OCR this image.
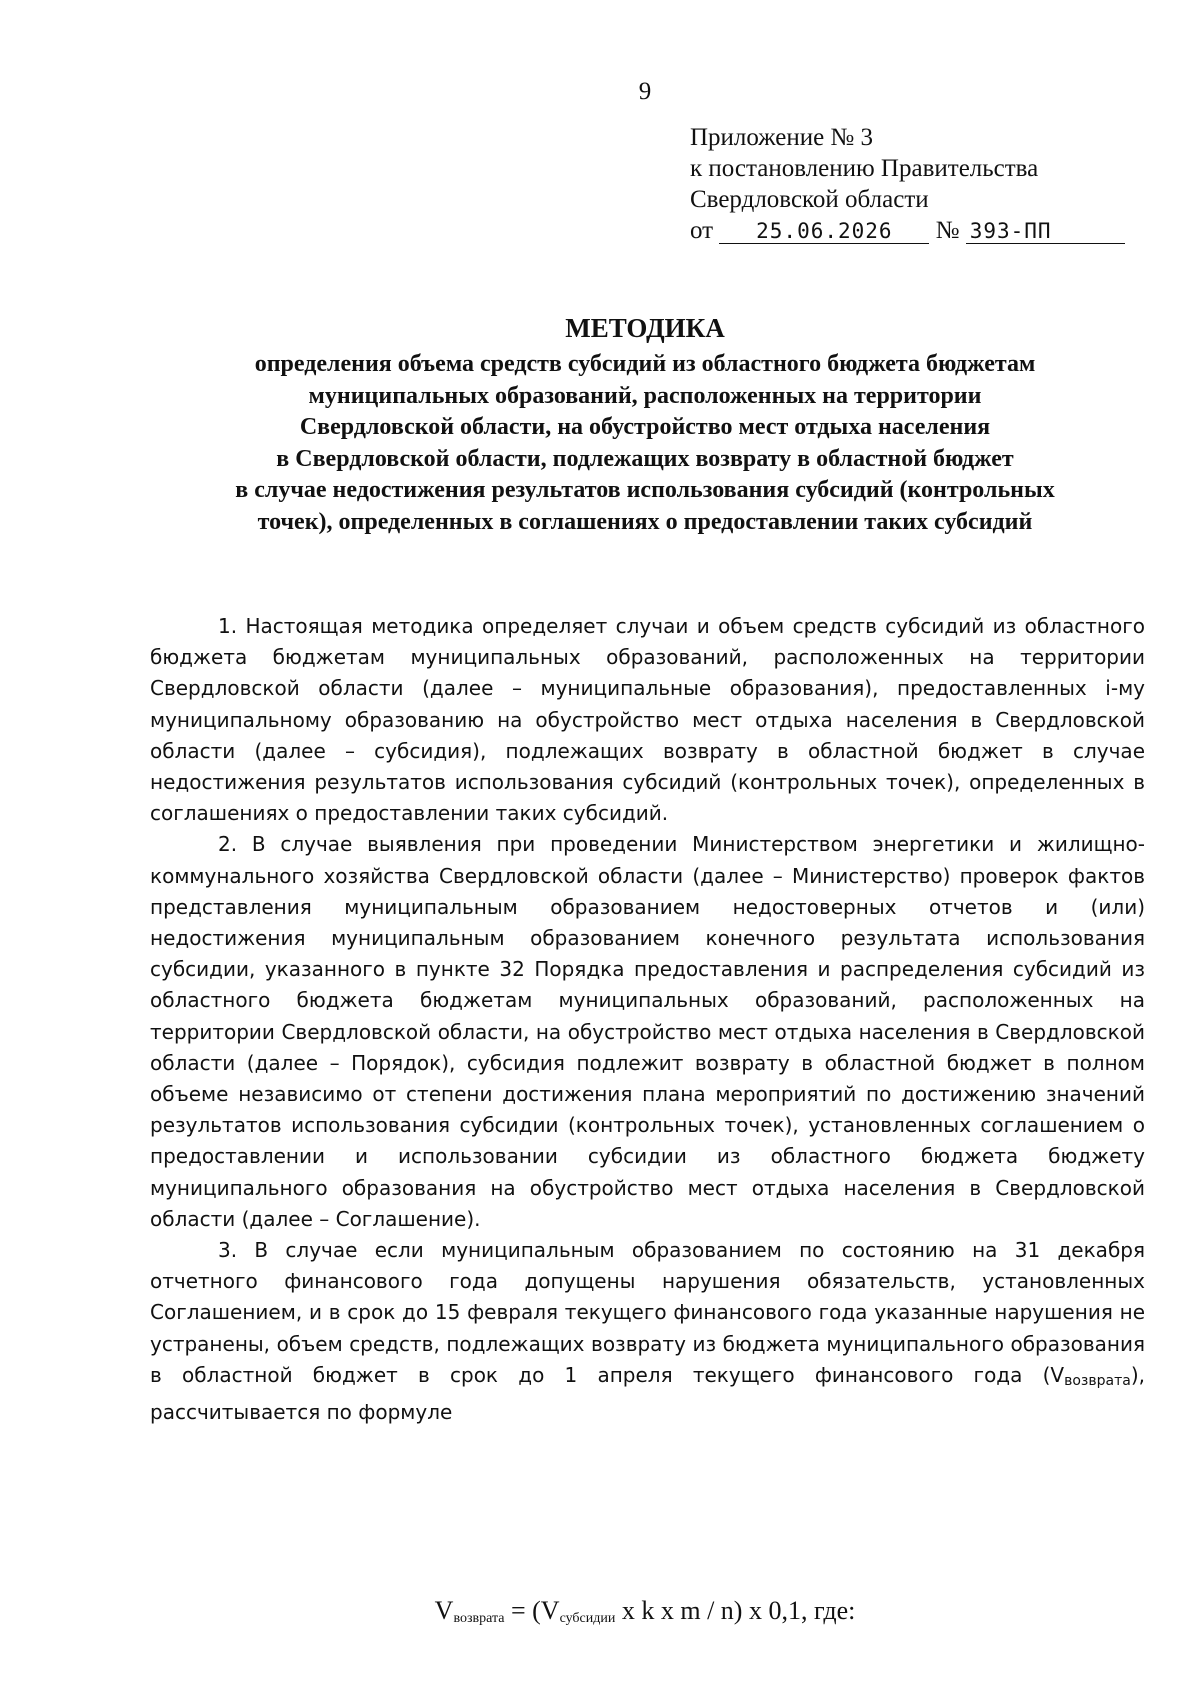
9
Приложение № 3
к постановлению Правительства
Свердловской области
от 25.06.2026 № 393-ПП
МЕТОДИКА
определения объема средств субсидий из областного бюджета бюджетам
муниципальных образований, расположенных на территории
Свердловской области, на обустройство мест отдыха населения
в Свердловской области, подлежащих возврату в областной бюджет
в случае недостижения результатов использования субсидий (контрольных
точек), определенных в соглашениях о предоставлении таких субсидий

1. Настоящая методика определяет случаи и объем средств субсидий из областного бюджета бюджетам муниципальных образований, расположенных на территории Свердловской области (далее – муниципальные образования), предоставленных i-му муниципальному образованию на обустройство мест отдыха населения в Свердловской области (далее – субсидия), подлежащих возврату в областной бюджет в случае недостижения результатов использования субсидий (контрольных точек), определенных в соглашениях о предоставлении таких субсидий.

2. В случае выявления при проведении Министерством энергетики и жилищно-коммунального хозяйства Свердловской области (далее – Министерство) проверок фактов представления муниципальным образованием недостоверных отчетов и (или) недостижения муниципальным образованием конечного результата использования субсидии, указанного в пункте 32 Порядка предоставления и распределения субсидий из областного бюджета бюджетам муниципальных образований, расположенных на территории Свердловской области, на обустройство мест отдыха населения в Свердловской области (далее – Порядок), субсидия подлежит возврату в областной бюджет в полном объеме независимо от степени достижения плана мероприятий по достижению значений результатов использования субсидии (контрольных точек), установленных соглашением о предоставлении и использовании субсидии из областного бюджета бюджету муниципального образования на обустройство мест отдыха населения в Свердловской области (далее – Соглашение).

3. В случае если муниципальным образованием по состоянию на 31 декабря отчетного финансового года допущены нарушения обязательств, установленных Соглашением, и в срок до 15 февраля текущего финансового года указанные нарушения не устранены, объем средств, подлежащих возврату из бюджета муниципального образования в областной бюджет в срок до 1 апреля текущего финансового года $(V_{возврата})$, рассчитывается по формуле

$V_{возврата} = (V_{субсидии}$ x k x m / n) x 0,1, где:
